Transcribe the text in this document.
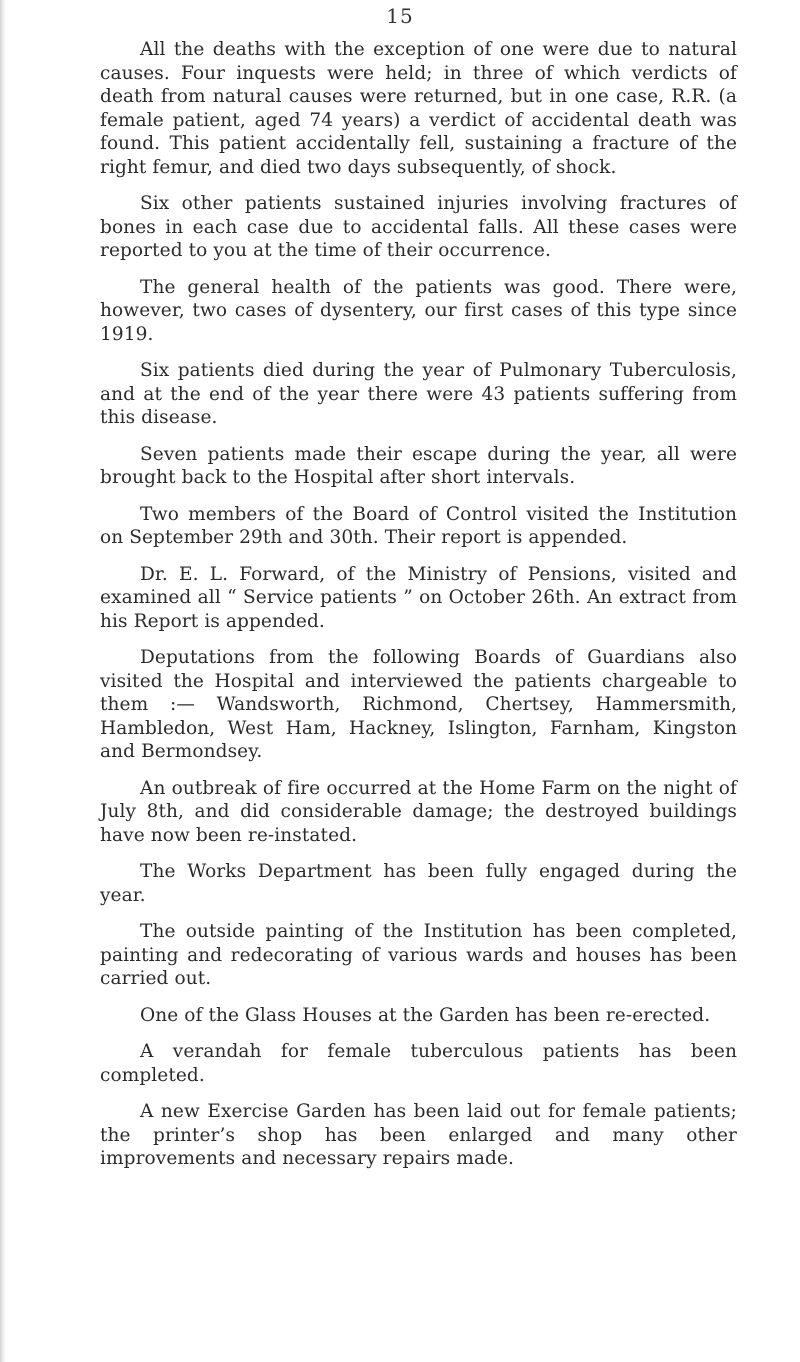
15

All the deaths with the exception of one were due to natural causes. Four inquests were held; in three of which verdicts of death from natural causes were returned, but in one case, R.R. (a female patient, aged 74 years) a verdict of accidental death was found. This patient accidentally fell, sustaining a fracture of the right femur, and died two days subsequently, of shock.

Six other patients sustained injuries involving fractures of bones in each case due to accidental falls. All these cases were reported to you at the time of their occurrence.

The general health of the patients was good. There were, however, two cases of dysentery, our first cases of this type since 1919.

Six patients died during the year of Pulmonary Tuberculosis, and at the end of the year there were 43 patients suffering from this disease.

Seven patients made their escape during the year, all were brought back to the Hospital after short intervals.

Two members of the Board of Control visited the Institution on September 29th and 30th. Their report is appended.

Dr. E. L. Forward, of the Ministry of Pensions, visited and examined all “ Service patients ” on October 26th. An extract from his Report is appended.

Deputations from the following Boards of Guardians also visited the Hospital and interviewed the patients chargeable to them :— Wandsworth, Richmond, Chertsey, Hammersmith, Hambledon, West Ham, Hackney, Islington, Farnham, Kingston and Bermondsey.

An outbreak of fire occurred at the Home Farm on the night of July 8th, and did considerable damage; the destroyed buildings have now been re-instated.

The Works Department has been fully engaged during the year.

The outside painting of the Institution has been completed, painting and redecorating of various wards and houses has been carried out.

One of the Glass Houses at the Garden has been re-erected.

A verandah for female tuberculous patients has been completed.

A new Exercise Garden has been laid out for female patients; the printer’s shop has been enlarged and many other improvements and necessary repairs made.
